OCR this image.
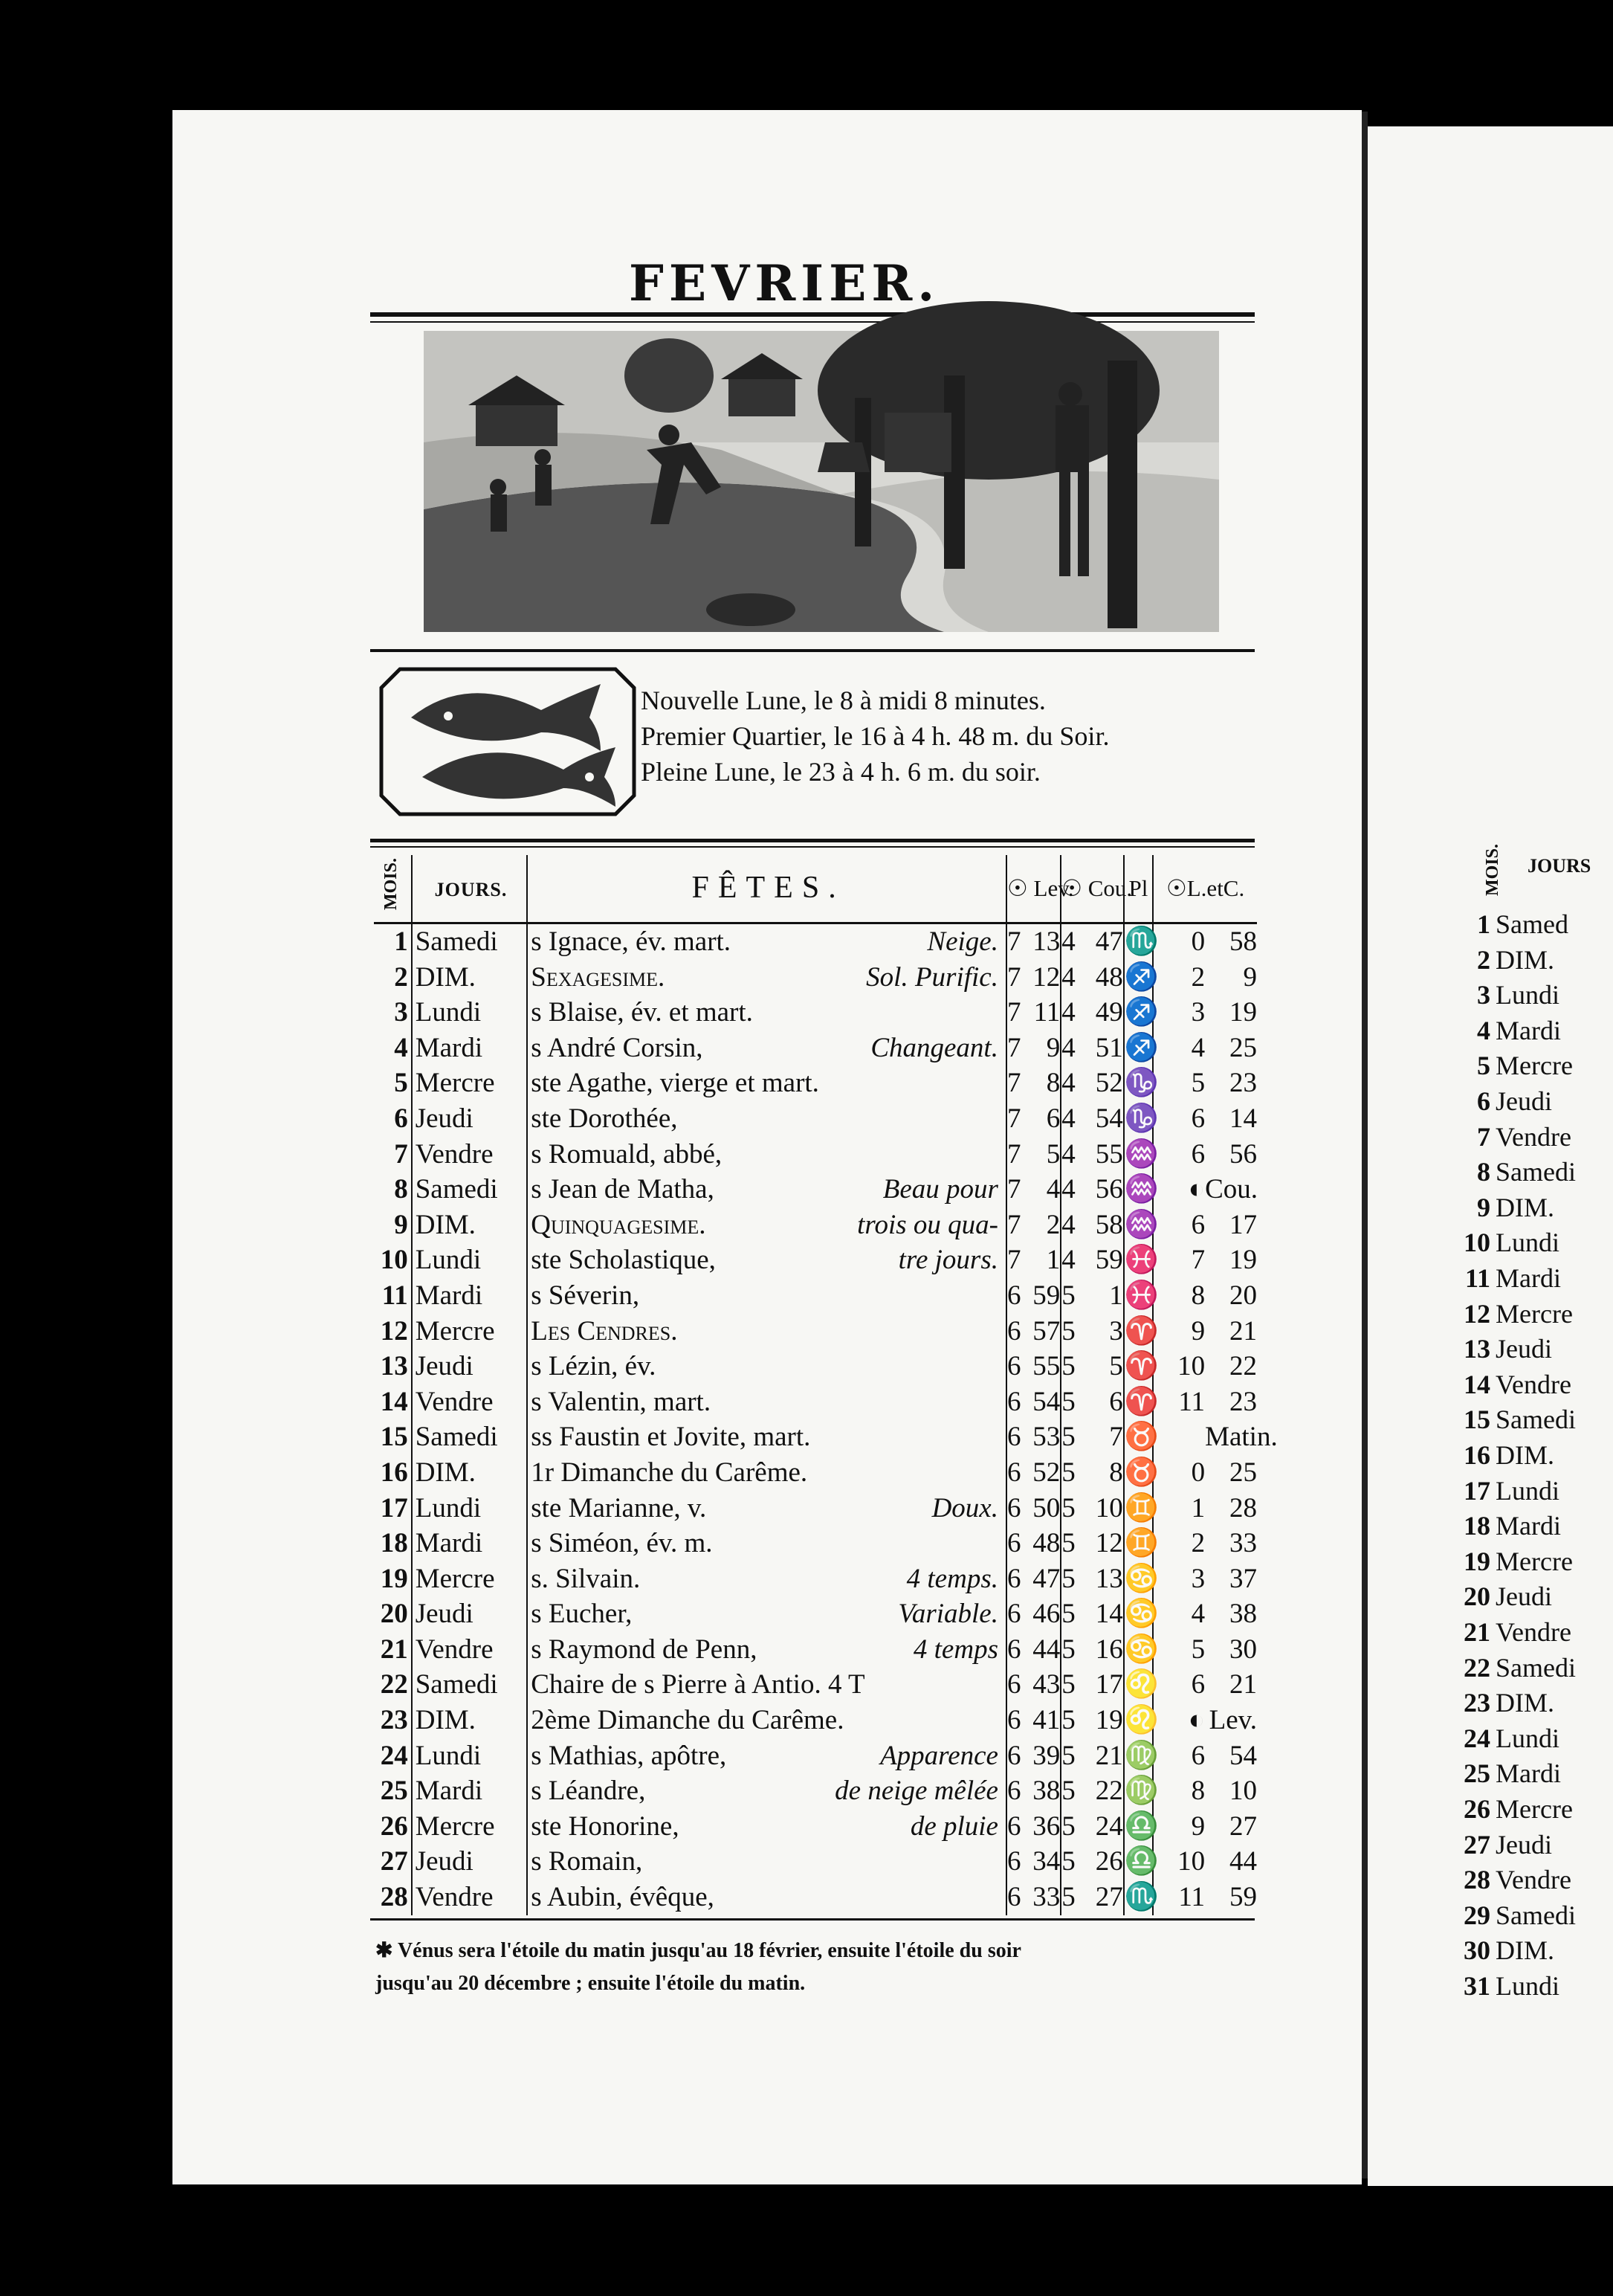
FEVRIER.
Nouvelle Lune, le 8 à midi 8 minutes.
Premier Quartier, le 16 à 4 h. 48 m. du Soir.
Pleine Lune, le 23 à 4 h. 6 m. du soir.
MOIS.	JOURS.	FÊTES.	☉ Lev.		☉ Cou.		Pl	☉L.etC.	

1	Samedi	s Ignace, év. mart. Neige.	7	13	4	47	♏	0	58
2	DIM.	Sexagesime. Sol. Purific.	7	12	4	48	♐	2	9
3	Lundi	s Blaise, év. et mart.	7	11	4	49	♐	3	19
4	Mardi	s André Corsin, Changeant.	7	9	4	51	♐	4	25
5	Mercre	ste Agathe, vierge et mart.	7	8	4	52	♑	5	23
6	Jeudi	ste Dorothée,	7	6	4	54	♑	6	14
7	Vendre	s Romuald, abbé,	7	5	4	55	♒	6	56
8	Samedi	s Jean de Matha, Beau pour	7	4	4	56	♒	◐	Cou.
9	DIM.	Quinquagesime. trois ou qua-	7	2	4	58	♒	6	17
10	Lundi	ste Scholastique, tre jours.	7	1	4	59	♓	7	19
11	Mardi	s Séverin,	6	59	5	1	♓	8	20
12	Mercre	Les Cendres.	6	57	5	3	♈	9	21
13	Jeudi	s Lézin, év.	6	55	5	5	♈	10	22
14	Vendre	s Valentin, mart.	6	54	5	6	♈	11	23
15	Samedi	ss Faustin et Jovite, mart.	6	53	5	7	♉		Matin.
16	DIM.	1r Dimanche du Carême.	6	52	5	8	♉	0	25
17	Lundi	ste Marianne, v. Doux.	6	50	5	10	♊	1	28
18	Mardi	s Siméon, év. m.	6	48	5	12	♊	2	33
19	Mercre	s. Silvain. 4 temps.	6	47	5	13	♋	3	37
20	Jeudi	s Eucher, Variable.	6	46	5	14	♋	4	38
21	Vendre	s Raymond de Penn, 4 temps	6	44	5	16	♋	5	30
22	Samedi	Chaire de s Pierre à Antio. 4 T	6	43	5	17	♌	6	21
23	DIM.	2ème Dimanche du Carême.	6	41	5	19	♌	◐	Lev.
24	Lundi	s Mathias, apôtre, Apparence	6	39	5	21	♍	6	54
25	Mardi	s Léandre, de neige mêlée	6	38	5	22	♍	8	10
26	Mercre	ste Honorine, de pluie	6	36	5	24	♎	9	27
27	Jeudi	s Romain,	6	34	5	26	♎	10	44
28	Vendre	s Aubin, évêque,	6	33	5	27	♏	11	59
✱ Vénus sera l'étoile du matin jusqu'au 18 février, ensuite l'étoile du soir
jusqu'au 20 décembre ; ensuite l'étoile du matin.
MOIS. JOURS
1 Samed
2 DIM.
3 Lundi
4 Mardi
5 Mercre
6 Jeudi
7 Vendre
8 Samedi
9 DIM.
10 Lundi
11 Mardi
12 Mercre
13 Jeudi
14 Vendre
15 Samedi
16 DIM.
17 Lundi
18 Mardi
19 Mercre
20 Jeudi
21 Vendre
22 Samedi
23 DIM.
24 Lundi
25 Mardi
26 Mercre
27 Jeudi
28 Vendre
29 Samedi
30 DIM.
31 Lundi
